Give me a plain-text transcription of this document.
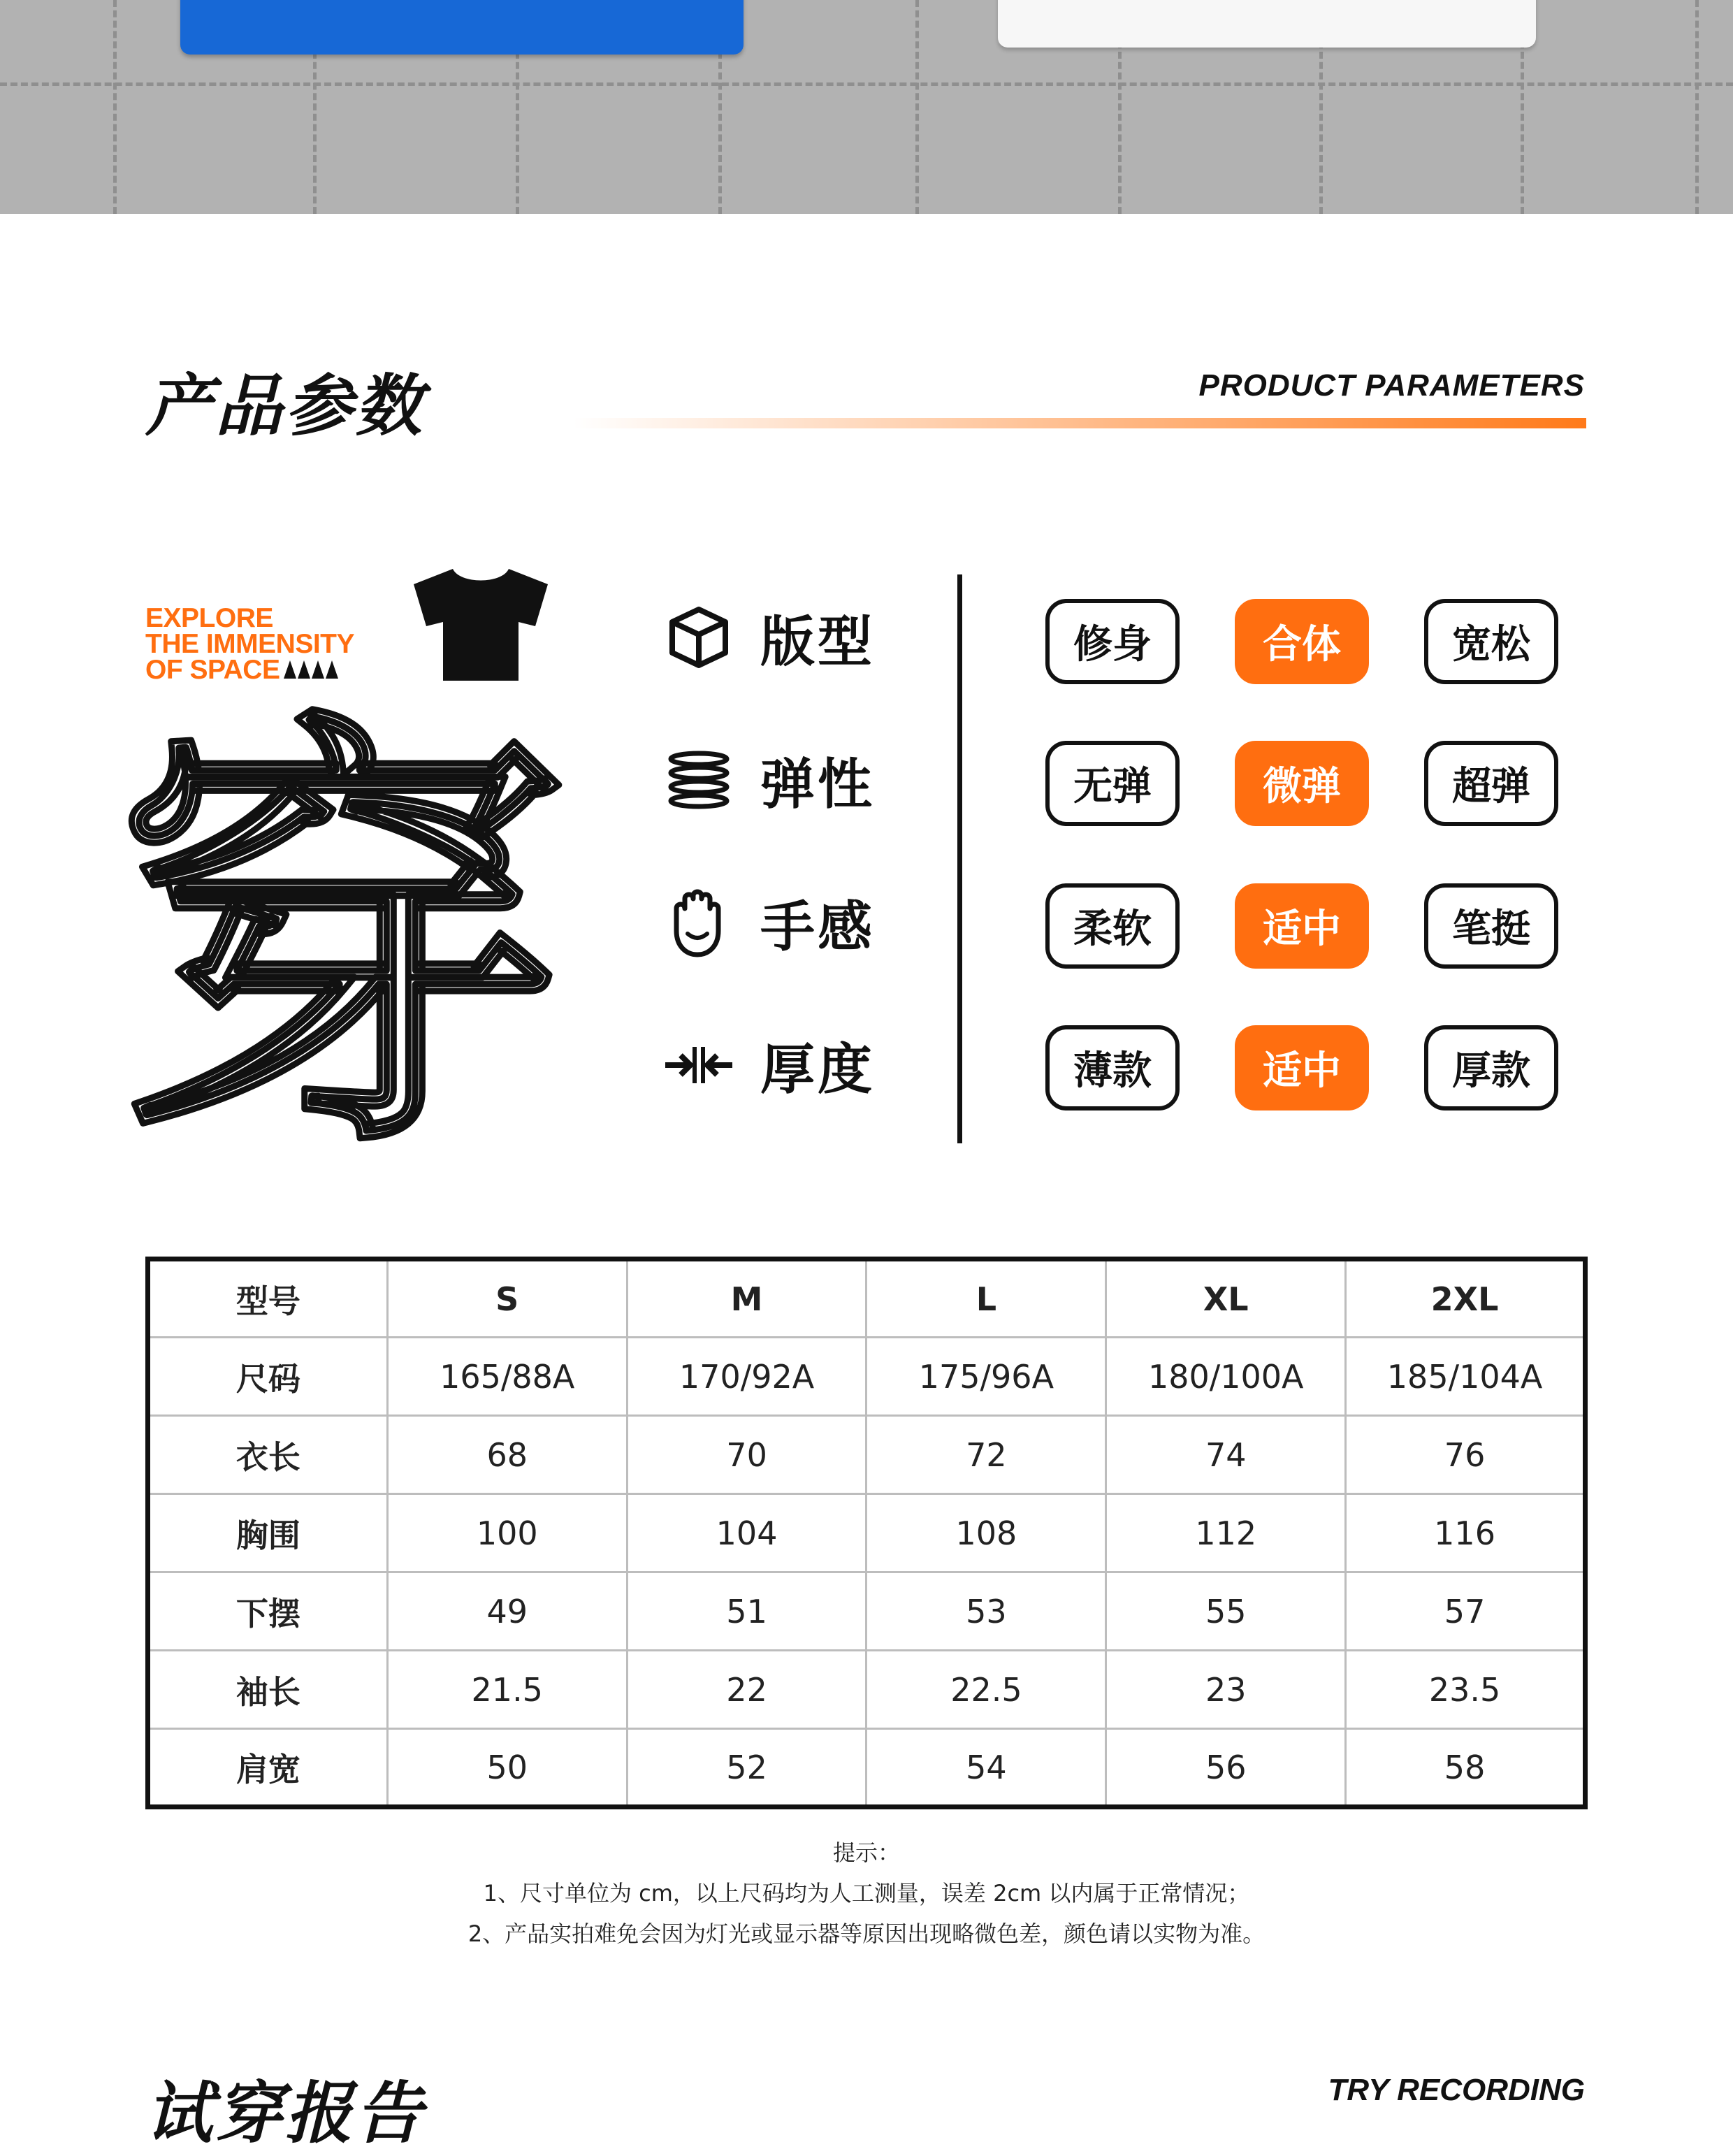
产品参数	PRODUCT PARAMETERS
EXPLORE
THE IMMENSITY
OF SPACE
穿
版型
弹性
手感
厚度
修身	合体	宽松
无弹	微弹	超弹
柔软	适中	笔挺
薄款	适中	厚款
型号	S	M	L	XL	2XL
尺码	165/88A	170/92A	175/96A	180/100A	185/104A
衣长	68	70	72	74	76
胸围	100	104	108	112	116
下摆	49	51	53	55	57
袖长	21.5	22	22.5	23	23.5
肩宽	50	52	54	56	58
提示：
1、尺寸单位为 cm，以上尺码均为人工测量，误差 2cm 以内属于正常情况；
2、产品实拍难免会因为灯光或显示器等原因出现略微色差，颜色请以实物为准。
试穿报告	TRY RECORDING
